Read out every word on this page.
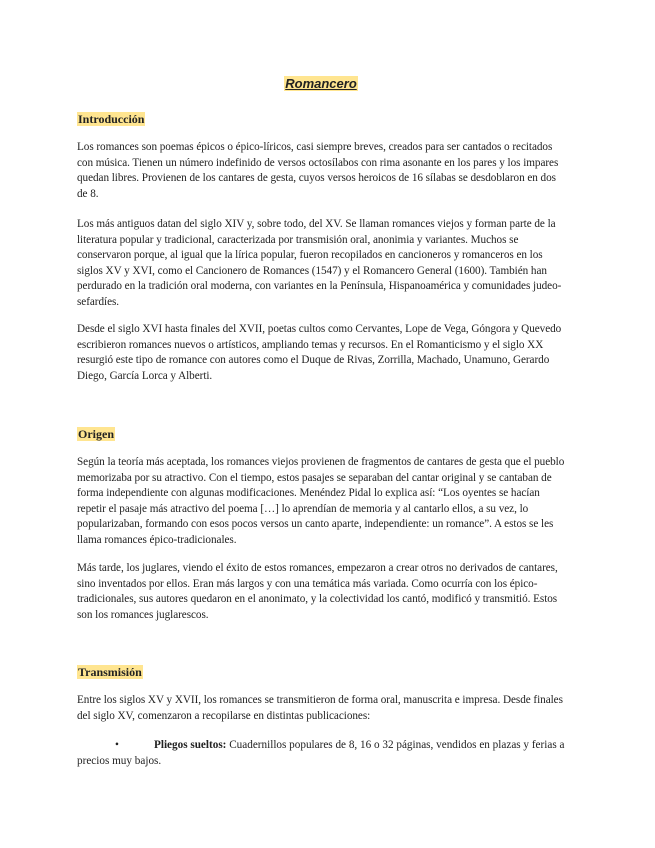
Romancero
Introducción

Los romances son poemas épicos o épico-líricos, casi siempre breves, creados para ser cantados o recitados con música. Tienen un número indefinido de versos octosílabos con rima asonante en los pares y los impares quedan libres. Provienen de los cantares de gesta, cuyos versos heroicos de 16 sílabas se desdoblaron en dos de 8.

Los más antiguos datan del siglo XIV y, sobre todo, del XV. Se llaman romances viejos y forman parte de la literatura popular y tradicional, caracterizada por transmisión oral, anonimia y variantes. Muchos se conservaron porque, al igual que la lírica popular, fueron recopilados en cancioneros y romanceros en los siglos XV y XVI, como el Cancionero de Romances (1547) y el Romancero General (1600). También han perdurado en la tradición oral moderna, con variantes en la Península, Hispanoamérica y comunidades judeo-sefardíes.

Desde el siglo XVI hasta finales del XVII, poetas cultos como Cervantes, Lope de Vega, Góngora y Quevedo escribieron romances nuevos o artísticos, ampliando temas y recursos. En el Romanticismo y el siglo XX resurgió este tipo de romance con autores como el Duque de Rivas, Zorrilla, Machado, Unamuno, Gerardo Diego, García Lorca y Alberti.

Origen

Según la teoría más aceptada, los romances viejos provienen de fragmentos de cantares de gesta que el pueblo memorizaba por su atractivo. Con el tiempo, estos pasajes se separaban del cantar original y se cantaban de forma independiente con algunas modificaciones. Menéndez Pidal lo explica así: “Los oyentes se hacían repetir el pasaje más atractivo del poema […] lo aprendían de memoria y al cantarlo ellos, a su vez, lo popularizaban, formando con esos pocos versos un canto aparte, independiente: un romance”. A estos se les llama romances épico-tradicionales.

Más tarde, los juglares, viendo el éxito de estos romances, empezaron a crear otros no derivados de cantares, sino inventados por ellos. Eran más largos y con una temática más variada. Como ocurría con los épico-tradicionales, sus autores quedaron en el anonimato, y la colectividad los cantó, modificó y transmitió. Estos son los romances juglarescos.

Transmisión

Entre los siglos XV y XVII, los romances se transmitieron de forma oral, manuscrita e impresa. Desde finales del siglo XV, comenzaron a recopilarse en distintas publicaciones:

•	Pliegos sueltos: Cuadernillos populares de 8, 16 o 32 páginas, vendidos en plazas y ferias a precios muy bajos.
